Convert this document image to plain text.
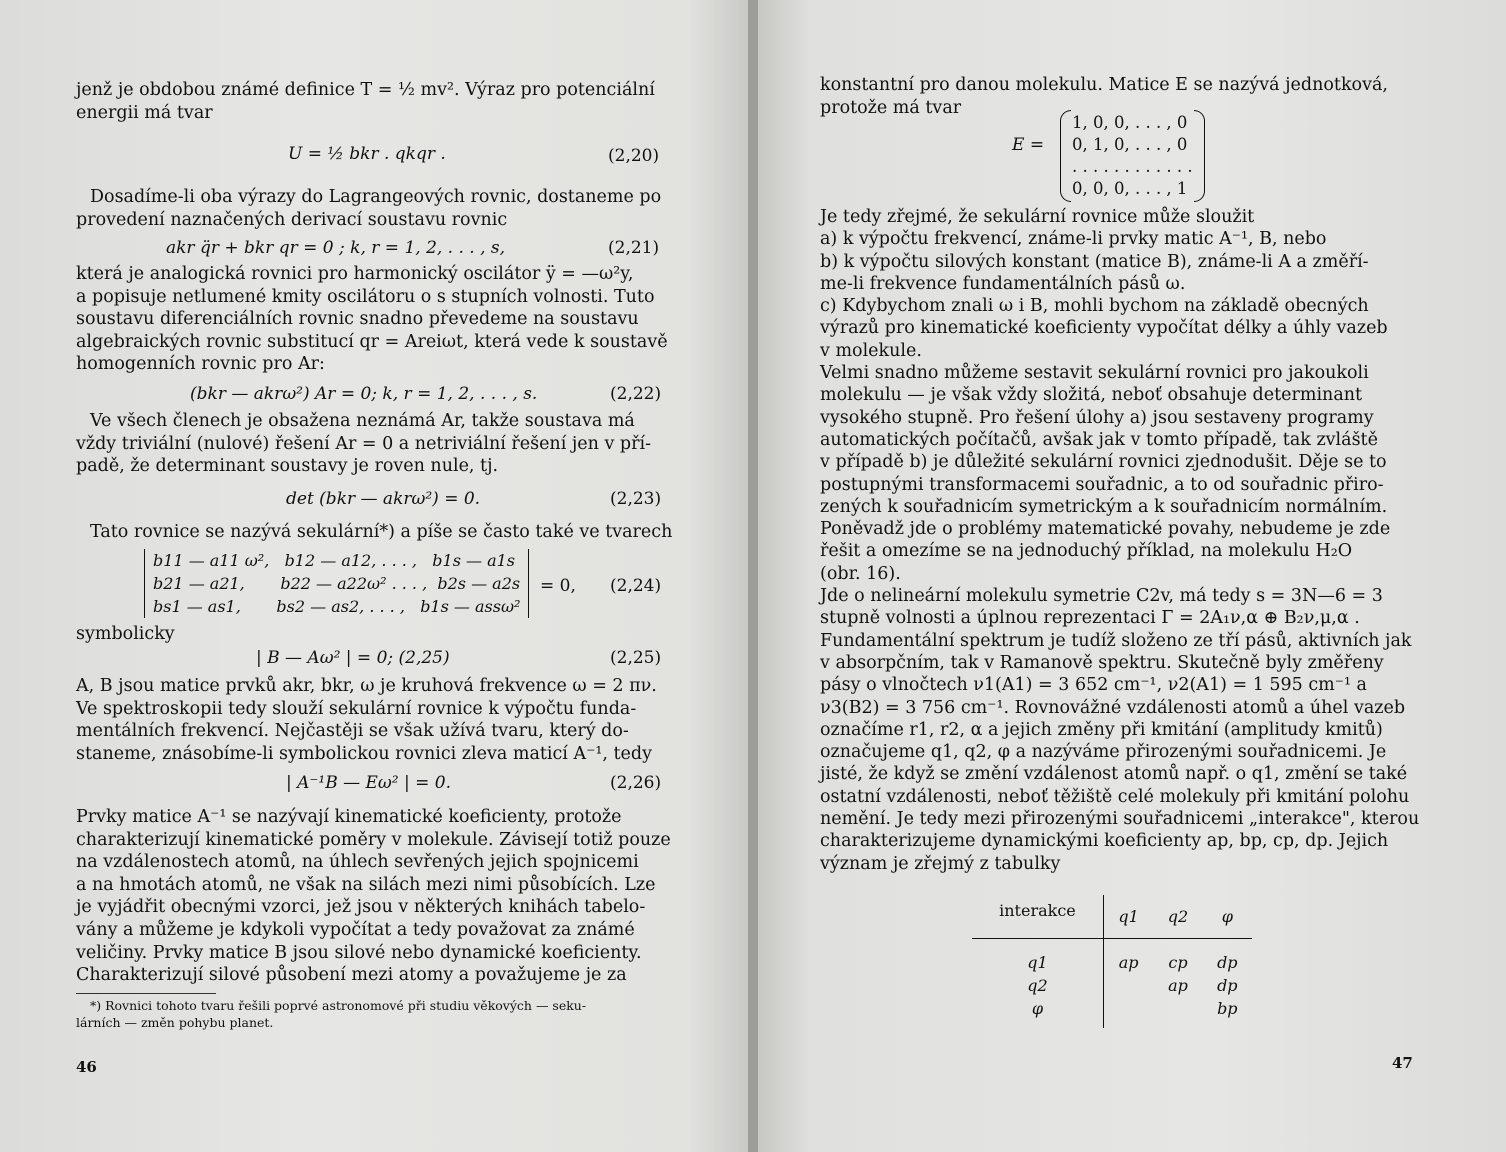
jenž je obdobou známé definice T = ½ mv². Výraz pro potenciální
energii má tvar
U = ½ bkr . qkqr .	(2,20)
Dosadíme-li oba výrazy do Lagrangeových rovnic, dostaneme po
provedení naznačených derivací soustavu rovnic
akr q̈r + bkr qr = 0 ; k, r = 1, 2, . . . , s,	(2,21)
která je analogická rovnici pro harmonický oscilátor ÿ = —ω²y,
a popisuje netlumené kmity oscilátoru o s stupních volnosti. Tuto
soustavu diferenciálních rovnic snadno převedeme na soustavu
algebraických rovnic substitucí qr = Areiωt, která vede k soustavě
homogenních rovnic pro Ar:
(bkr — akrω²) Ar = 0; k, r = 1, 2, . . . , s.	(2,22)
Ve všech členech je obsažena neznámá Ar, takže soustava má
vždy triviální (nulové) řešení Ar = 0 a netriviální řešení jen v pří-
padě, že determinant soustavy je roven nule, tj.
det (bkr — akrω²) = 0.	(2,23)
Tato rovnice se nazývá sekulární*) a píše se často také ve tvarech
b11 — a11 ω²,   b12 — a12, . . . ,   b1s — a1s
b21 — a21,       b22 — a22ω² . . . ,  b2s — a2s
bs1 — as1,       bs2 — as2, . . . ,   b1s — assω²
= 0, (2,24)
symbolicky
| B — Aω² | = 0; (2,25)	(2,25)
A, B jsou matice prvků akr, bkr, ω je kruhová frekvence ω = 2 πν.
Ve spektroskopii tedy slouží sekulární rovnice k výpočtu funda-
mentálních frekvencí. Nejčastěji se však užívá tvaru, který do-
staneme, znásobíme-li symbolickou rovnici zleva maticí A⁻¹, tedy
| A⁻¹B — Eω² | = 0.	(2,26)
Prvky matice A⁻¹ se nazývají kinematické koeficienty, protože
charakterizují kinematické poměry v molekule. Závisejí totiž pouze
na vzdálenostech atomů, na úhlech sevřených jejich spojnicemi
a na hmotách atomů, ne však na silách mezi nimi působících. Lze
je vyjádřit obecnými vzorci, jež jsou v některých knihách tabelo-
vány a můžeme je kdykoli vypočítat a tedy považovat za známé
veličiny. Prvky matice B jsou silové nebo dynamické koeficienty.
Charakterizují silové působení mezi atomy a považujeme je za
*) Rovnici tohoto tvaru řešili poprvé astronomové při studiu věkových — seku-
lárních — změn pohybu planet.
46
konstantní pro danou molekulu. Matice E se nazývá jednotková,
protože má tvar
E =
1, 0, 0, . . . , 0
0, 1, 0, . . . , 0
. . . . . . . . . . . .
0, 0, 0, . . . , 1
Je tedy zřejmé, že sekulární rovnice může sloužit
a) k výpočtu frekvencí, známe-li prvky matic A⁻¹, B, nebo
b) k výpočtu silových konstant (matice B), známe-li A a změří-
me-li frekvence fundamentálních pásů ω.
c) Kdybychom znali ω i B, mohli bychom na základě obecných
výrazů pro kinematické koeficienty vypočítat délky a úhly vazeb
v molekule.
Velmi snadno můžeme sestavit sekulární rovnici pro jakoukoli
molekulu — je však vždy složitá, neboť obsahuje determinant
vysokého stupně. Pro řešení úlohy a) jsou sestaveny programy
automatických počítačů, avšak jak v tomto případě, tak zvláště
v případě b) je důležité sekulární rovnici zjednodušit. Děje se to
postupnými transformacemi souřadnic, a to od souřadnic přiro-
zených k souřadnicím symetrickým a k souřadnicím normálním.
Poněvadž jde o problémy matematické povahy, nebudeme je zde
řešit a omezíme se na jednoduchý příklad, na molekulu H₂O
(obr. 16).
Jde o nelineární molekulu symetrie C2v, má tedy s = 3N—6 = 3
stupně volnosti a úplnou reprezentaci Γ = 2A₁ν,α ⊕ B₂ν,μ,α .
Fundamentální spektrum je tudíž složeno ze tří pásů, aktivních jak
v absorpčním, tak v Ramanově spektru. Skutečně byly změřeny
pásy o vlnočtech ν1(A1) = 3 652 cm⁻¹, ν2(A1) = 1 595 cm⁻¹ a
ν3(B2) = 3 756 cm⁻¹. Rovnovážné vzdálenosti atomů a úhel vazeb
označíme r1, r2, α a jejich změny při kmitání (amplitudy kmitů)
označujeme q1, q2, φ a nazýváme přirozenými souřadnicemi. Je
jisté, že když se změní vzdálenost atomů např. o q1, změní se také
ostatní vzdálenosti, neboť těžiště celé molekuly při kmitání polohu
nemění. Je tedy mezi přirozenými souřadnicemi „interakce", kterou
charakterizujeme dynamickými koeficienty ap, bp, cp, dp. Jejich
význam je zřejmý z tabulky
interakce	q1	q2	φ
q1	ap	cp	dp
q2		ap	dp
φ			bp
47
